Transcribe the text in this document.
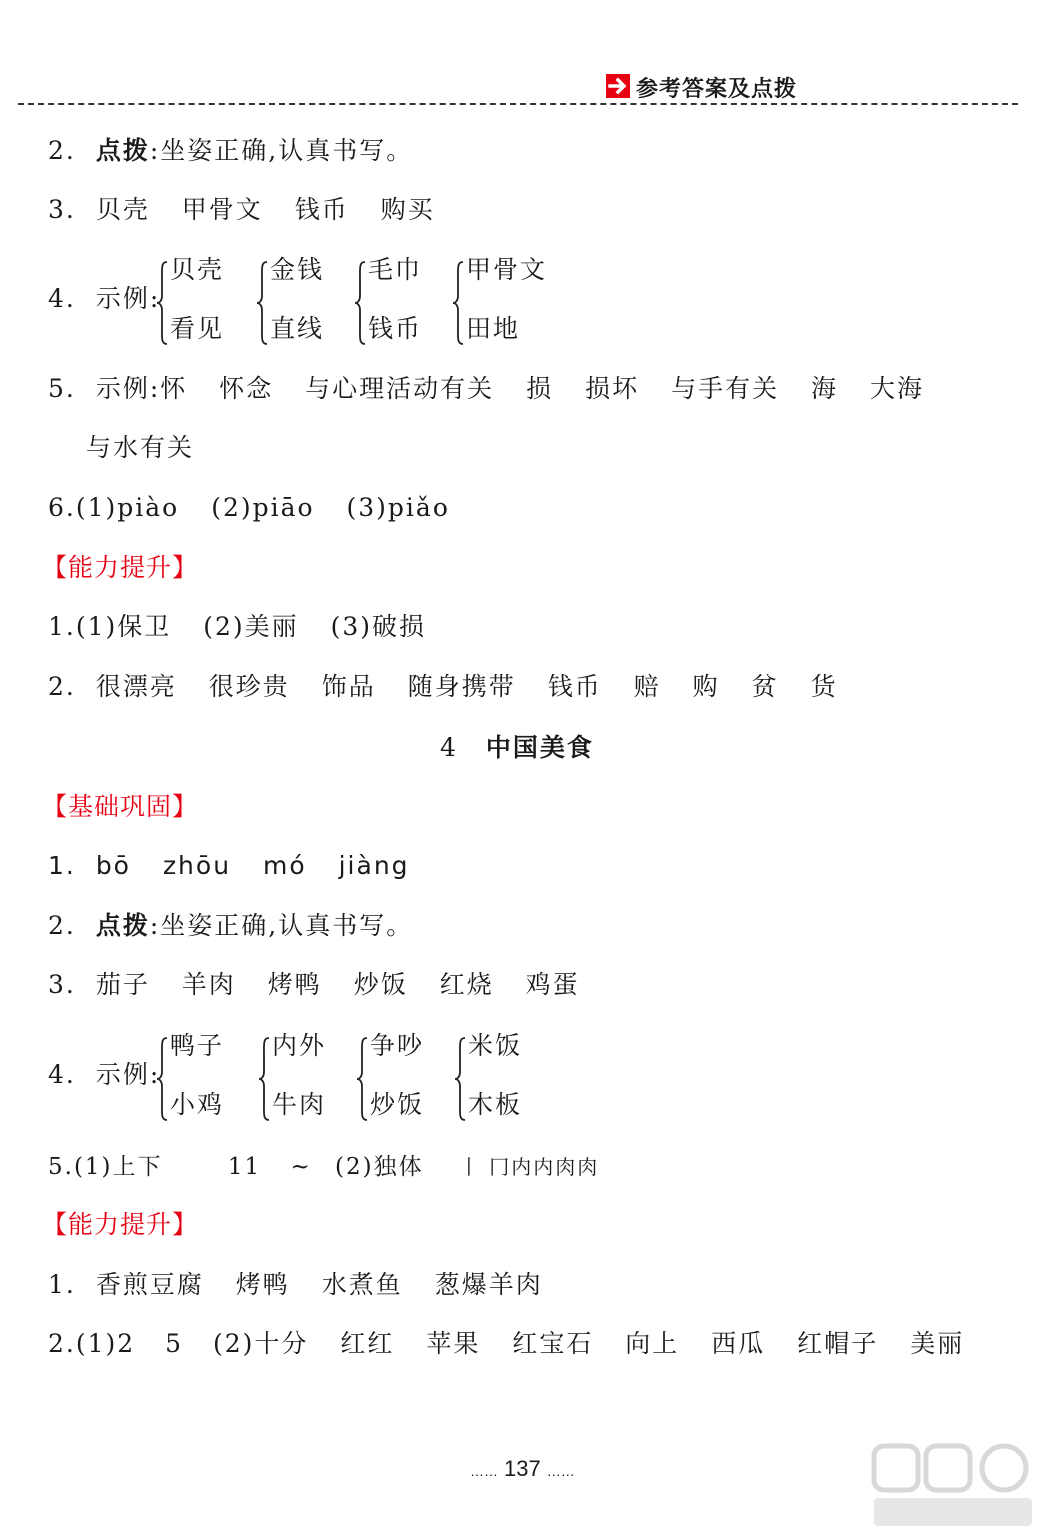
参考答案及点拨
2. 点拨:坐姿正确,认真书写。
3. 贝壳 甲骨文 钱币 购买
4. 示例:
贝壳
看见
金钱
直线
毛巾
钱币
甲骨文
田地
5. 示例:怀 怀念 与心理活动有关 损 损坏 与手有关 海 大海
与水有关
6.(1)piào (2)piāo (3)piǎo
【能力提升】
1.(1)保卫 (2)美丽 (3)破损
2. 很漂亮 很珍贵 饰品 随身携带 钱币 赔 购 贫 货
4 中国美食
【基础巩固】
1. bō zhōu mó jiàng
2. 点拨:坐姿正确,认真书写。
3. 茄子 羊肉 烤鸭 炒饭 红烧 鸡蛋
4. 示例:
鸭子
小鸡
内外
牛肉
争吵
炒饭
米饭
木板
5.(1)上下	11 ~ (2)独体 丨 冂内内肉肉
【能力提升】
1. 香煎豆腐 烤鸭 水煮鱼 葱爆羊肉
2.(1)2 5 (2)十分 红红 苹果 红宝石 向上 西瓜 红帽子 美丽
…… 137 ……
